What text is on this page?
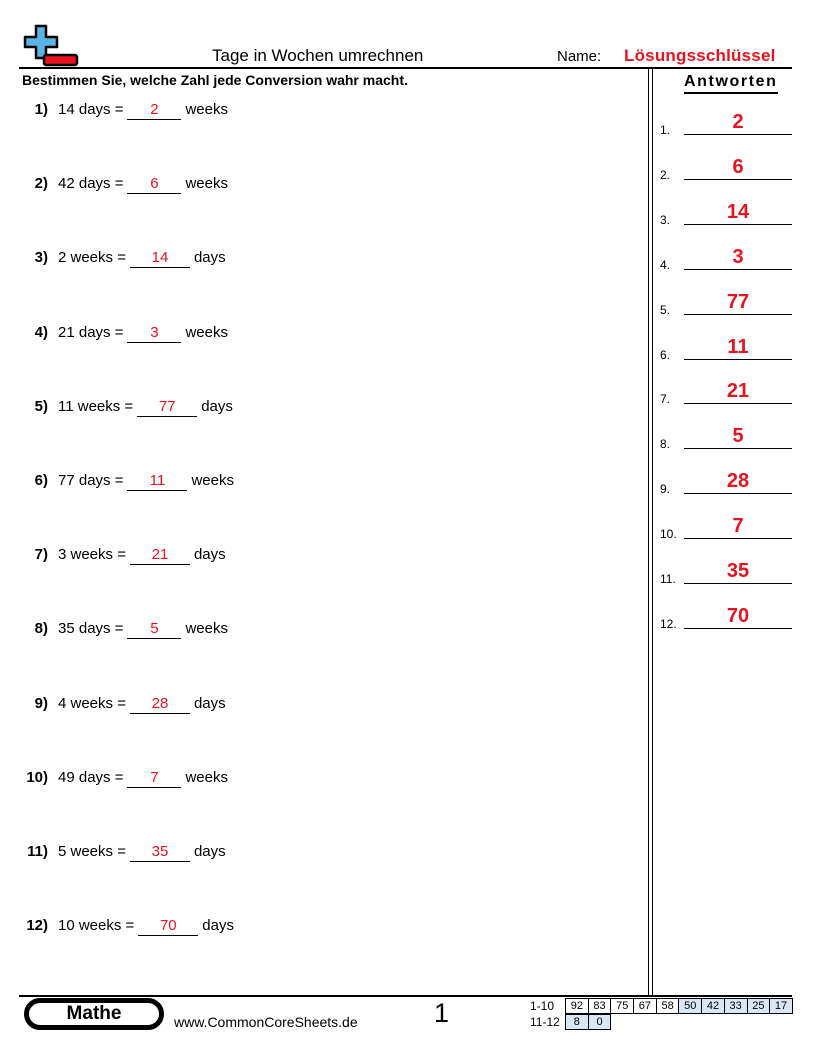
Tage in Wochen umrechnen	Name: Lösungsschlüssel
Bestimmen Sie, welche Zahl jede Conversion wahr macht.
1) 14 days =	2	weeks
2) 42 days =	6	weeks
3) 2 weeks =	14	days
4) 21 days =	3	weeks
5) 11 weeks =	77	days
6) 77 days =	11	weeks
7) 3 weeks =	21	days
8) 35 days =	5	weeks
9) 4 weeks =	28	days
10) 49 days =	7	weeks
11) 5 weeks =	35	days
12) 10 weeks =	70	days
Antworten
1.	2
2.	6
3.	14
4.	3
5.	77
6.	11
7.	21
8.	5
9.	28
10.	7
11.	35
12.	70
Mathe	www.CommonCoreSheets.de	1	1-10 92	83	75	67	58	50	42	33	25	17
11-12 8	0
